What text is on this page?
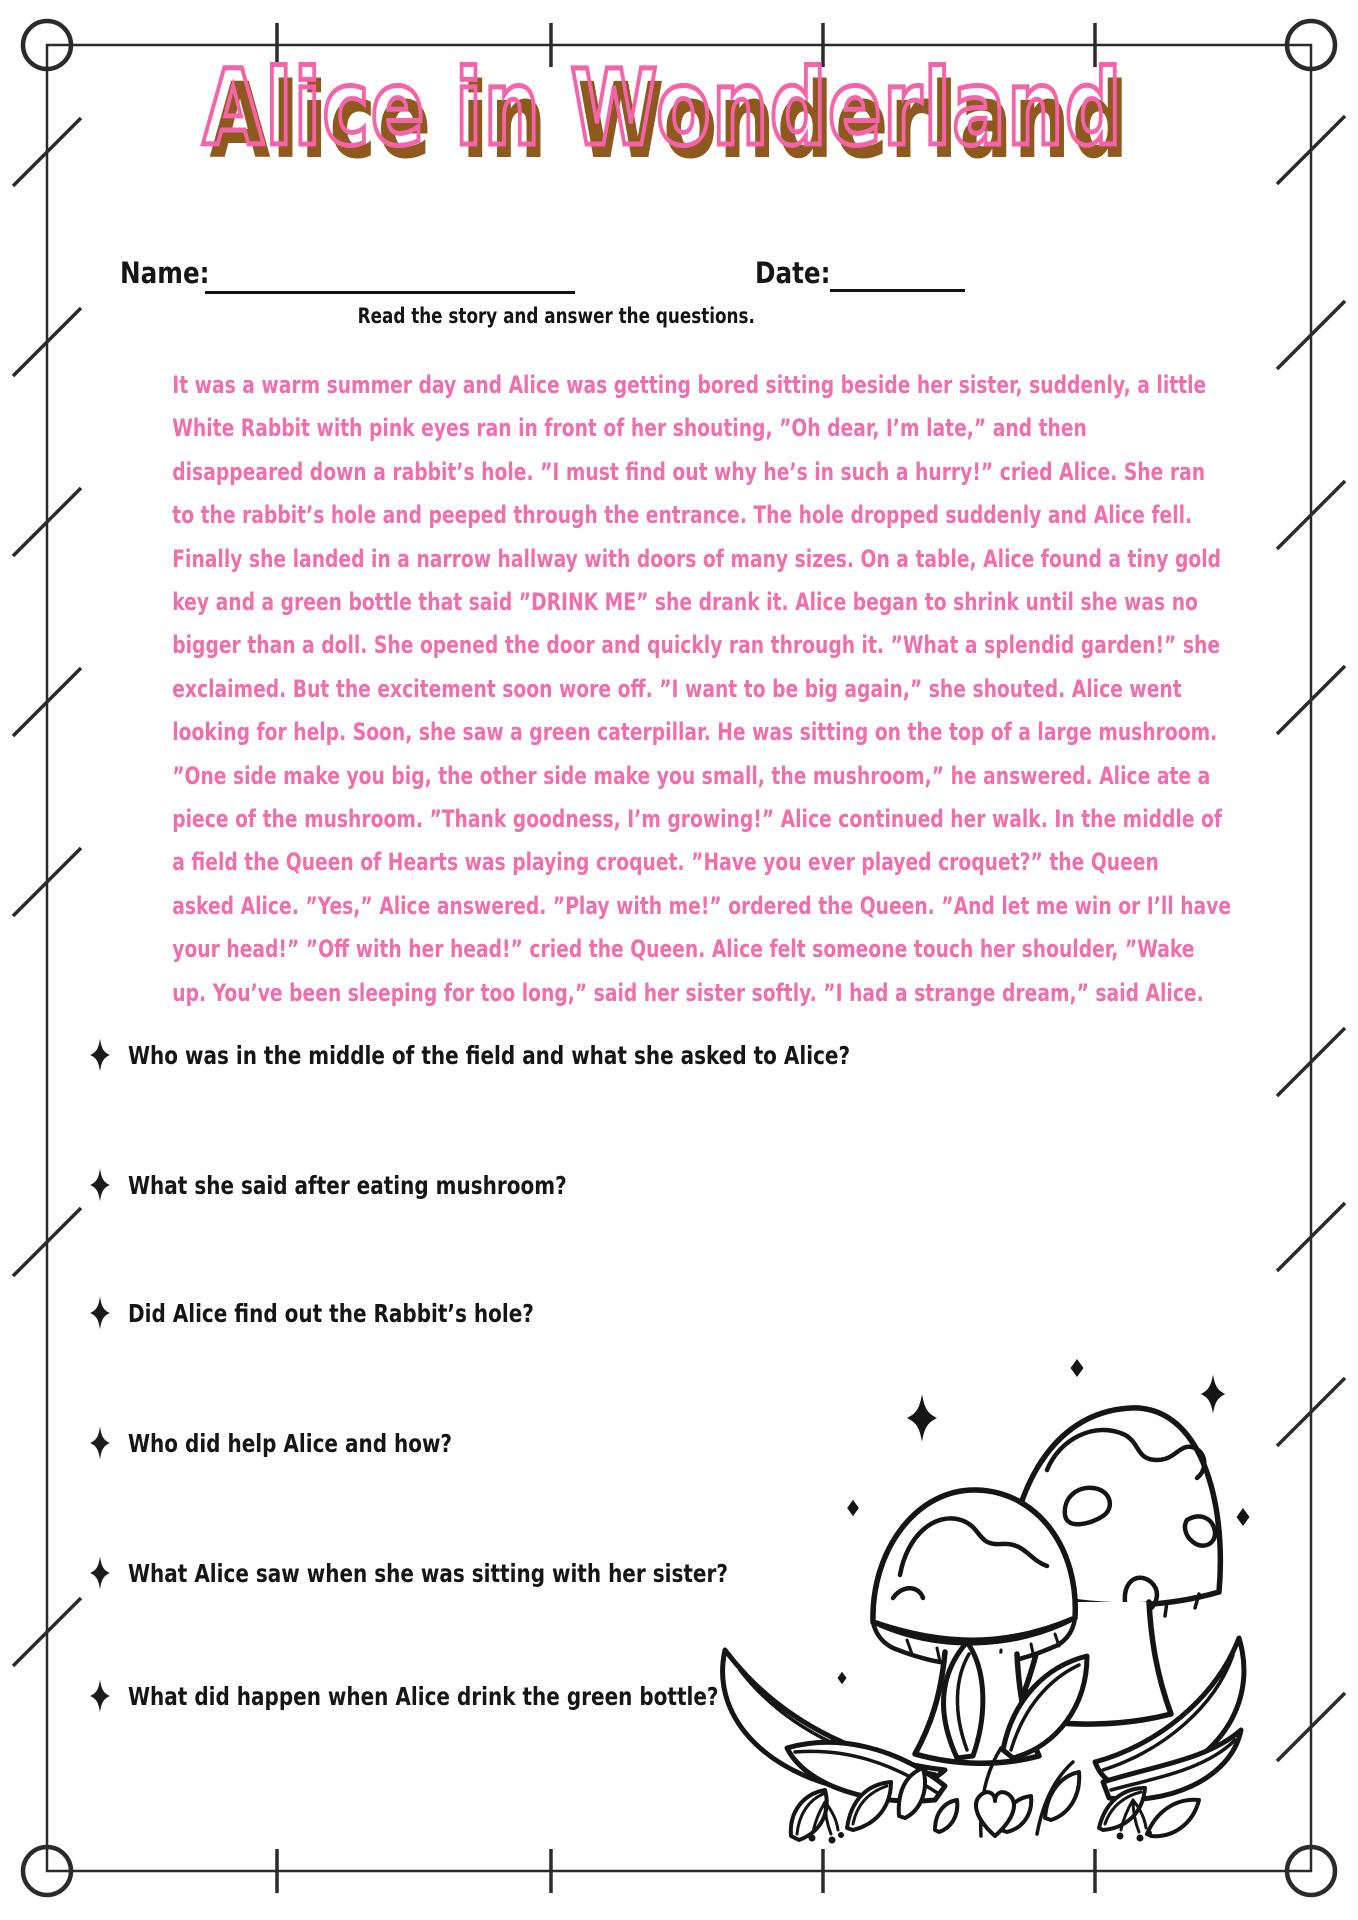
Alice in Wonderland Alice in Wonderland
Name:	Date:
Read the story and answer the questions.
It was a warm summer day and Alice was getting bored sitting beside her sister, suddenly, a little
White Rabbit with pink eyes ran in front of her shouting, ”Oh dear, I’m late,” and then
disappeared down a rabbit’s hole. ”I must find out why he’s in such a hurry!” cried Alice. She ran
to the rabbit’s hole and peeped through the entrance. The hole dropped suddenly and Alice fell.
Finally she landed in a narrow hallway with doors of many sizes. On a table, Alice found a tiny gold
key and a green bottle that said ”DRINK ME” she drank it. Alice began to shrink until she was no
bigger than a doll. She opened the door and quickly ran through it. ”What a splendid garden!” she
exclaimed. But the excitement soon wore off. ”I want to be big again,” she shouted. Alice went
looking for help. Soon, she saw a green caterpillar. He was sitting on the top of a large mushroom.
”One side make you big, the other side make you small, the mushroom,” he answered. Alice ate a
piece of the mushroom. ”Thank goodness, I’m growing!” Alice continued her walk. In the middle of
a field the Queen of Hearts was playing croquet. ”Have you ever played croquet?” the Queen
asked Alice. ”Yes,” Alice answered. ”Play with me!” ordered the Queen. ”And let me win or I’ll have
your head!” ”Off with her head!” cried the Queen. Alice felt someone touch her shoulder, ”Wake
up. You’ve been sleeping for too long,” said her sister softly. ”I had a strange dream,” said Alice.
Who was in the middle of the field and what she asked to Alice?
What she said after eating mushroom?
Did Alice find out the Rabbit’s hole?
Who did help Alice and how?
What Alice saw when she was sitting with her sister?
What did happen when Alice drink the green bottle?
